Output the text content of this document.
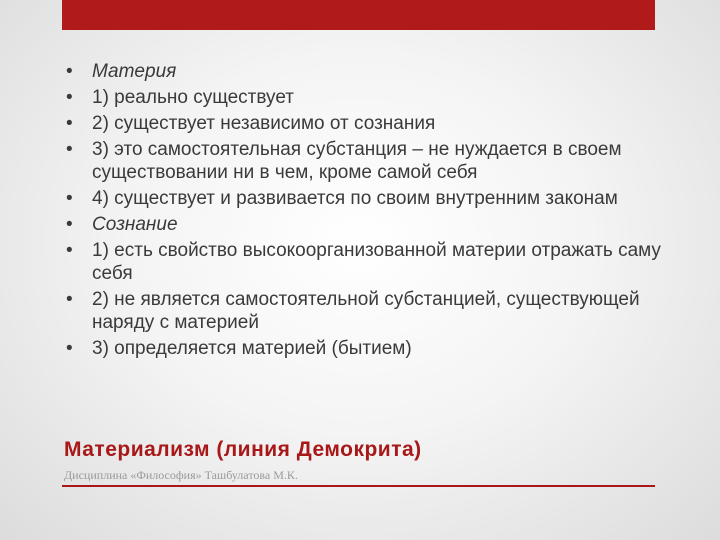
• Материя
• 1) реально существует
• 2) существует независимо от сознания
• 3) это самостоятельная субстанция – не нуждается в своем существовании ни в чем, кроме самой себя
• 4) существует и развивается по своим внутренним законам
• Сознание
• 1) есть свойство высокоорганизованной материи отражать саму себя
• 2) не является самостоятельной субстанцией, существующей наряду с материей
• 3) определяется материей (бытием)
Материализм (линия Демокрита)
Дисциплина «Философия» Ташбулатова М.К.
